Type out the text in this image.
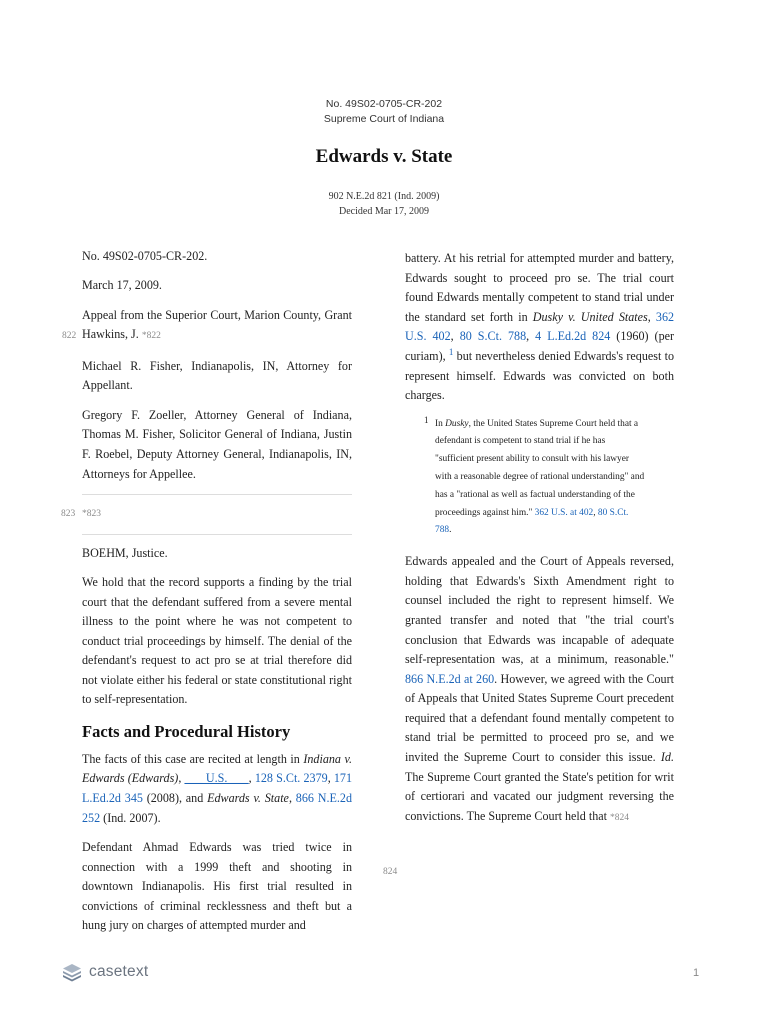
No. 49S02-0705-CR-202
Supreme Court of Indiana
Edwards v. State
902 N.E.2d 821 (Ind. 2009)
Decided Mar 17, 2009
822
823
824

No. 49S02-0705-CR-202.

March 17, 2009.

Appeal from the Superior Court, Marion County, Grant Hawkins, J. *822

Michael R. Fisher, Indianapolis, IN, Attorney for Appellant.

Gregory F. Zoeller, Attorney General of Indiana, Thomas M. Fisher, Solicitor General of Indiana, Justin F. Roebel, Deputy Attorney General, Indianapolis, IN, Attorneys for Appellee.

*823

BOEHM, Justice.

We hold that the record supports a finding by the trial court that the defendant suffered from a severe mental illness to the point where he was not competent to conduct trial proceedings by himself. The denial of the defendant's request to act pro se at trial therefore did not violate either his federal or state constitutional right to self-representation.

Facts and Procedural History

The facts of this case are recited at length in Indiana v. Edwards (Edwards), ___ U.S. ___, 128 S.Ct. 2379, 171 L.Ed.2d 345 (2008), and Edwards v. State, 866 N.E.2d 252 (Ind. 2007).

Defendant Ahmad Edwards was tried twice in connection with a 1999 theft and shooting in downtown Indianapolis. His first trial resulted in convictions of criminal recklessness and theft but a hung jury on charges of attempted murder and

battery. At his retrial for attempted murder and battery, Edwards sought to proceed pro se. The trial court found Edwards mentally competent to stand trial under the standard set forth in Dusky v. United States, 362 U.S. 402, 80 S.Ct. 788, 4 L.Ed.2d 824 (1960) (per curiam), $^1$ but nevertheless denied Edwards's request to represent himself. Edwards was convicted on both charges.

1 In Dusky, the United States Supreme Court held that a defendant is competent to stand trial if he has "sufficient present ability to consult with his lawyer with a reasonable degree of rational understanding" and has a "rational as well as factual understanding of the proceedings against him." 362 U.S. at 402, 80 S.Ct. 788.

Edwards appealed and the Court of Appeals reversed, holding that Edwards's Sixth Amendment right to counsel included the right to represent himself. We granted transfer and noted that "the trial court's conclusion that Edwards was incapable of adequate self-representation was, at a minimum, reasonable." 866 N.E.2d at 260. However, we agreed with the Court of Appeals that United States Supreme Court precedent required that a defendant found mentally competent to stand trial be permitted to proceed pro se, and we invited the Supreme Court to consider this issue. Id. The Supreme Court granted the State's petition for writ of certiorari and vacated our judgment reversing the convictions. The Supreme Court held that *824

casetext	1
